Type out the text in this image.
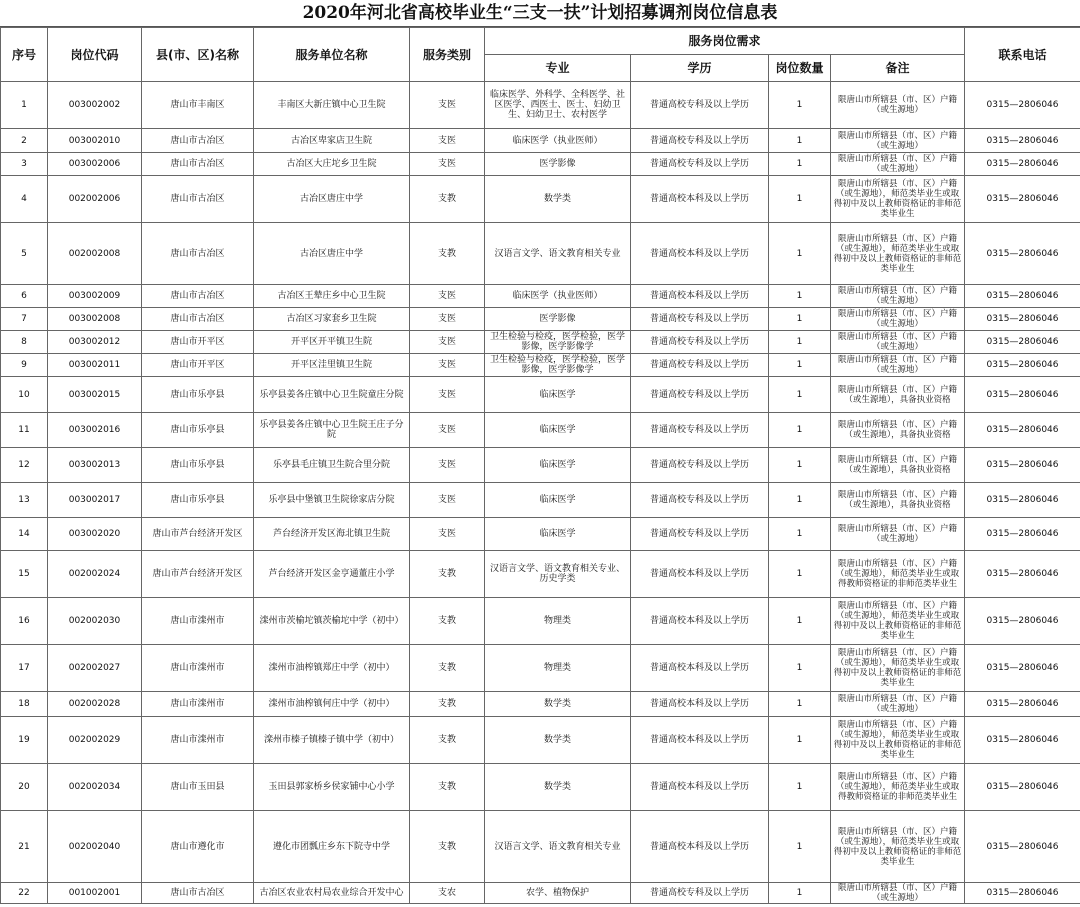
2020年河北省高校毕业生“三支一扶”计划招募调剂岗位信息表
序号	岗位代码	县(市、区)名称	服务单位名称	服务类别	服务岗位需求				联系电话
					专业	学历	岗位数量	备注	
1	003002002	唐山市丰南区	丰南区大新庄镇中心卫生院	支医	临床医学、外科学、全科医学、社区医学、西医士、医士、妇幼卫生、妇幼卫士、农村医学	普通高校专科及以上学历	1	限唐山市所辖县（市、区）户籍（或生源地）	0315—2806046
2	003002010	唐山市古冶区	古冶区卑家店卫生院	支医	临床医学（执业医师）	普通高校专科及以上学历	1	限唐山市所辖县（市、区）户籍（或生源地）	0315—2806046
3	003002006	唐山市古冶区	古冶区大庄坨乡卫生院	支医	医学影像	普通高校专科及以上学历	1	限唐山市所辖县（市、区）户籍（或生源地）	0315—2806046
4	002002006	唐山市古冶区	古冶区唐庄中学	支教	数学类	普通高校本科及以上学历	1	限唐山市所辖县（市、区）户籍（或生源地），师范类毕业生或取得初中及以上教师资格证的非师范类毕业生	0315—2806046
5	002002008	唐山市古冶区	古冶区唐庄中学	支教	汉语言文学、语文教育相关专业	普通高校本科及以上学历	1	限唐山市所辖县（市、区）户籍（或生源地），师范类毕业生或取得初中及以上教师资格证的非师范类毕业生	0315—2806046
6	003002009	唐山市古冶区	古冶区王辇庄乡中心卫生院	支医	临床医学（执业医师）	普通高校本科及以上学历	1	限唐山市所辖县（市、区）户籍（或生源地）	0315—2806046
7	003002008	唐山市古冶区	古冶区习家套乡卫生院	支医	医学影像	普通高校专科及以上学历	1	限唐山市所辖县（市、区）户籍（或生源地）	0315—2806046
8	003002012	唐山市开平区	开平区开平镇卫生院	支医	卫生检验与检疫，医学检验，医学影像，医学影像学	普通高校专科及以上学历	1	限唐山市所辖县（市、区）户籍（或生源地）	0315—2806046
9	003002011	唐山市开平区	开平区洼里镇卫生院	支医	卫生检验与检疫，医学检验，医学影像，医学影像学	普通高校专科及以上学历	1	限唐山市所辖县（市、区）户籍（或生源地）	0315—2806046
10	003002015	唐山市乐亭县	乐亭县姜各庄镇中心卫生院童庄分院	支医	临床医学	普通高校专科及以上学历	1	限唐山市所辖县（市、区）户籍（或生源地），具备执业资格	0315—2806046
11	003002016	唐山市乐亭县	乐亭县姜各庄镇中心卫生院王庄子分院	支医	临床医学	普通高校专科及以上学历	1	限唐山市所辖县（市、区）户籍（或生源地），具备执业资格	0315—2806046
12	003002013	唐山市乐亭县	乐亭县毛庄镇卫生院合里分院	支医	临床医学	普通高校专科及以上学历	1	限唐山市所辖县（市、区）户籍（或生源地），具备执业资格	0315—2806046
13	003002017	唐山市乐亭县	乐亭县中堡镇卫生院徐家店分院	支医	临床医学	普通高校专科及以上学历	1	限唐山市所辖县（市、区）户籍（或生源地），具备执业资格	0315—2806046
14	003002020	唐山市芦台经济开发区	芦台经济开发区海北镇卫生院	支医	临床医学	普通高校专科及以上学历	1	限唐山市所辖县（市、区）户籍（或生源地）	0315—2806046
15	002002024	唐山市芦台经济开发区	芦台经济开发区金亨通董庄小学	支教	汉语言文学、语文教育相关专业、历史学类	普通高校本科及以上学历	1	限唐山市所辖县（市、区）户籍（或生源地），师范类毕业生或取得教师资格证的非师范类毕业生	0315—2806046
16	002002030	唐山市滦州市	滦州市茨榆坨镇茨榆坨中学（初中）	支教	物理类	普通高校本科及以上学历	1	限唐山市所辖县（市、区）户籍（或生源地），师范类毕业生或取得初中及以上教师资格证的非师范类毕业生	0315—2806046
17	002002027	唐山市滦州市	滦州市油榨镇郑庄中学（初中）	支教	物理类	普通高校本科及以上学历	1	限唐山市所辖县（市、区）户籍（或生源地），师范类毕业生或取得初中及以上教师资格证的非师范类毕业生	0315—2806046
18	002002028	唐山市滦州市	滦州市油榨镇何庄中学（初中）	支教	数学类	普通高校本科及以上学历	1	限唐山市所辖县（市、区）户籍（或生源地）	0315—2806046
19	002002029	唐山市滦州市	滦州市榛子镇榛子镇中学（初中）	支教	数学类	普通高校本科及以上学历	1	限唐山市所辖县（市、区）户籍（或生源地），师范类毕业生或取得初中及以上教师资格证的非师范类毕业生	0315—2806046
20	002002034	唐山市玉田县	玉田县郭家桥乡侯家铺中心小学	支教	数学类	普通高校本科及以上学历	1	限唐山市所辖县（市、区）户籍（或生源地），师范类毕业生或取得教师资格证的非师范类毕业生	0315—2806046
21	002002040	唐山市遵化市	遵化市团瓢庄乡东下院寺中学	支教	汉语言文学、语文教育相关专业	普通高校本科及以上学历	1	限唐山市所辖县（市、区）户籍（或生源地），师范类毕业生或取得初中及以上教师资格证的非师范类毕业生	0315—2806046
22	001002001	唐山市古冶区	古冶区农业农村局农业综合开发中心	支农	农学、植物保护	普通高校专科及以上学历	1	限唐山市所辖县（市、区）户籍（或生源地）	0315—2806046
